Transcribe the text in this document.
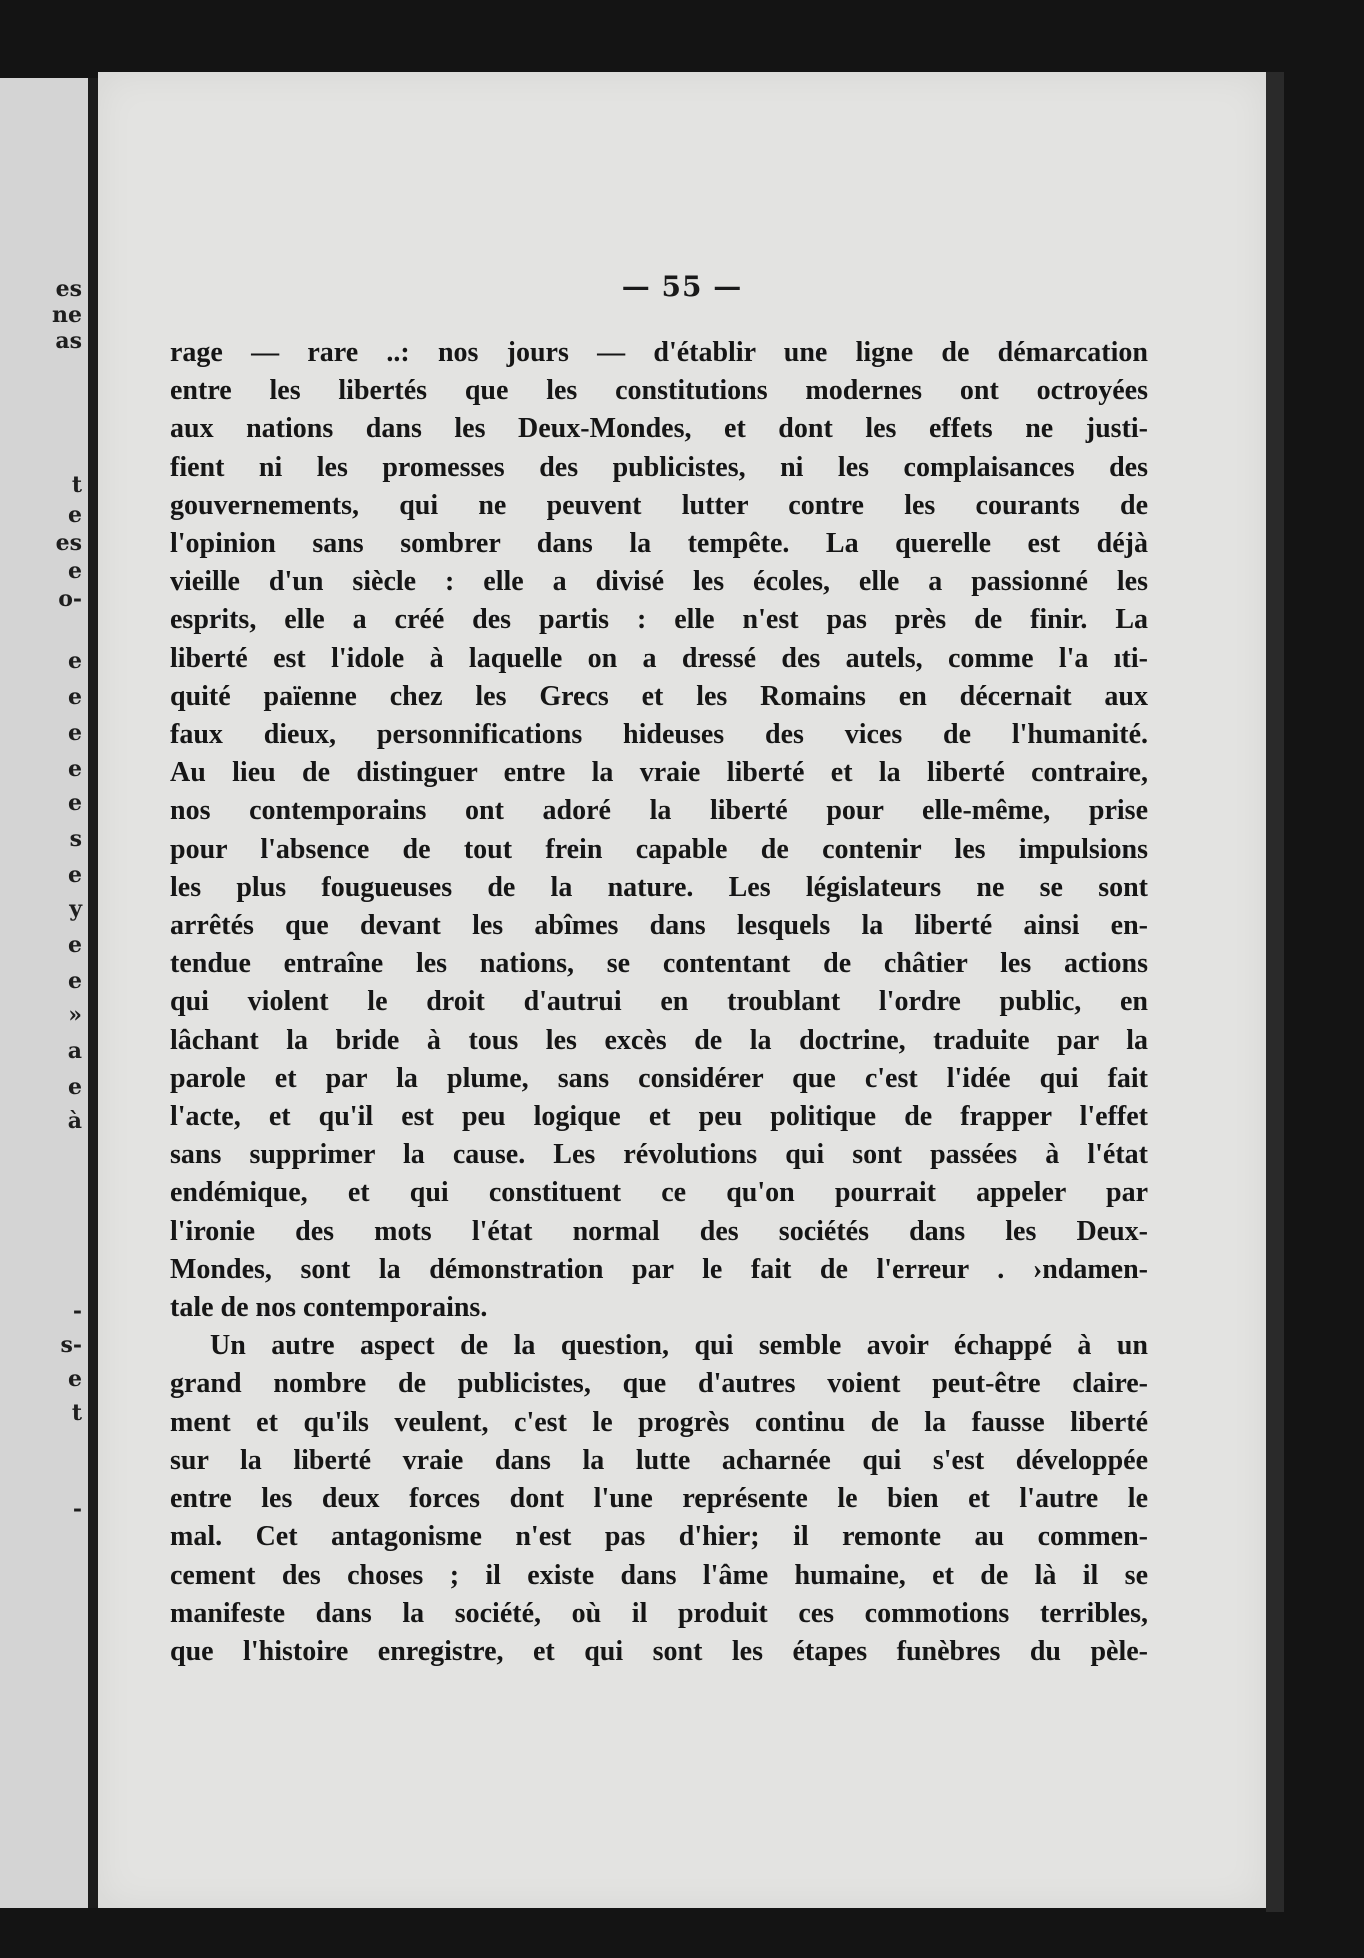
es
ne
as
t
e
es
e
o-
e
e
e
e
e
s
e
y
e
e
»
a
e
à
-
s-
e
t
-
— 55 —
rage — rare ..: nos jours — d'établir une ligne de démarcation
entre les libertés que les constitutions modernes ont octroyées
aux nations dans les Deux-Mondes, et dont les effets ne justi-
fient ni les promesses des publicistes, ni les complaisances des
gouvernements, qui ne peuvent lutter contre les courants de
l'opinion sans sombrer dans la tempête. La querelle est déjà
vieille d'un siècle : elle a divisé les écoles, elle a passionné les
esprits, elle a créé des partis : elle n'est pas près de finir. La
liberté est l'idole à laquelle on a dressé des autels, comme l'a ıti-
quité païenne chez les Grecs et les Romains en décernait aux
faux dieux, personnifications hideuses des vices de l'humanité.
Au lieu de distinguer entre la vraie liberté et la liberté contraire,
nos contemporains ont adoré la liberté pour elle-même, prise
pour l'absence de tout frein capable de contenir les impulsions
les plus fougueuses de la nature. Les législateurs ne se sont
arrêtés que devant les abîmes dans lesquels la liberté ainsi en-
tendue entraîne les nations, se contentant de châtier les actions
qui violent le droit d'autrui en troublant l'ordre public, en
lâchant la bride à tous les excès de la doctrine, traduite par la
parole et par la plume, sans considérer que c'est l'idée qui fait
l'acte, et qu'il est peu logique et peu politique de frapper l'effet
sans supprimer la cause. Les révolutions qui sont passées à l'état
endémique, et qui constituent ce qu'on pourrait appeler par
l'ironie des mots l'état normal des sociétés dans les Deux-
Mondes, sont la démonstration par le fait de l'erreur . ›ndamen-
tale de nos contemporains.
Un autre aspect de la question, qui semble avoir échappé à un
grand nombre de publicistes, que d'autres voient peut-être claire-
ment et qu'ils veulent, c'est le progrès continu de la fausse liberté
sur la liberté vraie dans la lutte acharnée qui s'est développée
entre les deux forces dont l'une représente le bien et l'autre le
mal. Cet antagonisme n'est pas d'hier; il remonte au commen-
cement des choses ; il existe dans l'âme humaine, et de là il se
manifeste dans la société, où il produit ces commotions terribles,
que l'histoire enregistre, et qui sont les étapes funèbres du pèle-
